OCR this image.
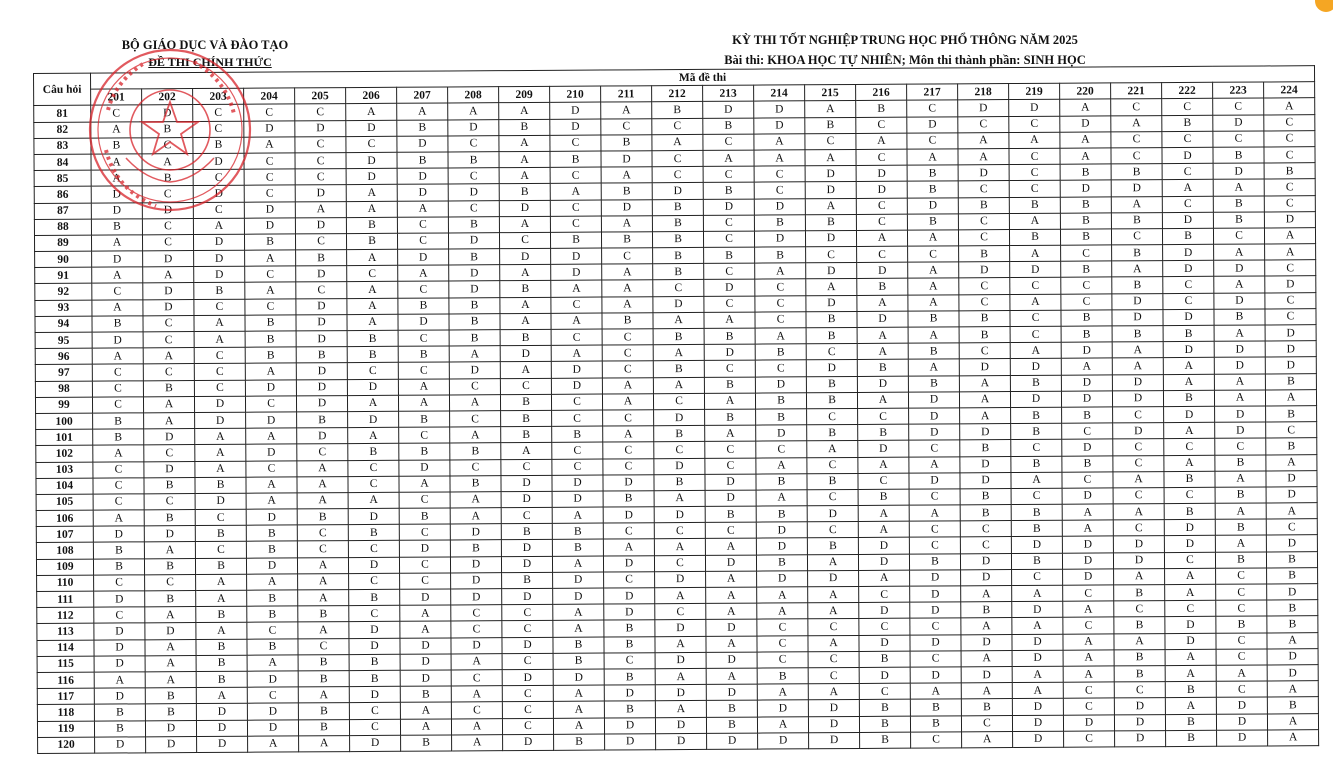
BỘ GIÁO DỤC VÀ ĐÀO TẠO
ĐỀ THI CHÍNH THỨC
KỲ THI TỐT NGHIỆP TRUNG HỌC PHỔ THÔNG NĂM 2025
Bài thi: KHOA HỌC TỰ NHIÊN; Môn thi thành phần: SINH HỌC
Câu hỏi	Mã đề thi																							
	201	202	203	204	205	206	207	208	209	210	211	212	213	214	215	216	217	218	219	220	221	222	223	224
81	C	D	C	C	C	A	A	A	A	D	A	B	D	D	A	B	C	D	D	A	C	C	C	A
82	A	B	C	D	D	D	B	D	B	D	C	C	B	D	B	C	D	C	C	D	A	B	D	C
83	B	C	B	A	C	C	D	C	A	C	B	A	C	A	C	A	C	A	A	A	C	C	C	C
84	A	A	D	C	C	D	B	B	A	B	D	C	A	A	A	C	A	A	C	A	C	D	B	C
85	A	B	C	C	C	D	D	C	A	C	A	C	C	C	D	D	B	D	C	B	B	C	D	B
86	D	C	D	C	D	A	D	D	B	A	B	D	B	C	D	D	B	C	C	D	D	A	A	C
87	D	D	C	D	A	A	A	C	D	C	D	B	D	D	A	C	D	B	B	B	A	C	B	C
88	B	C	A	D	D	B	C	B	A	C	A	B	C	B	B	C	B	C	A	B	B	D	B	D
89	A	C	D	B	C	B	C	D	C	B	B	B	C	D	D	A	A	C	B	B	C	B	C	A
90	D	D	D	A	B	A	D	B	D	D	C	B	B	B	C	C	C	B	A	C	B	D	A	A
91	A	A	D	C	D	C	A	D	A	D	A	B	C	A	D	D	A	D	D	B	A	D	D	C
92	C	D	B	A	C	A	C	D	B	A	A	C	D	C	A	B	A	C	C	C	B	C	A	D
93	A	D	C	C	D	A	B	B	A	C	A	D	C	C	D	A	A	C	A	C	D	C	D	C
94	B	C	A	B	D	A	D	B	A	A	B	A	A	C	B	D	B	B	C	B	D	D	B	C
95	D	C	A	B	D	B	C	B	B	C	C	B	B	A	B	A	A	B	C	B	B	B	A	D
96	A	A	C	B	B	B	B	A	D	A	C	A	D	B	C	A	B	C	A	D	A	D	D	D
97	C	C	C	A	D	C	C	D	A	D	C	B	C	C	D	B	A	D	D	A	A	A	D	D
98	C	B	C	D	D	D	A	C	C	D	A	A	B	D	B	D	B	A	B	D	D	A	A	B
99	C	A	D	C	D	A	A	A	B	C	A	C	A	B	B	A	D	A	D	D	D	B	A	A
100	B	A	D	D	B	D	B	C	B	C	C	D	B	B	C	C	D	A	B	B	C	D	D	B
101	B	D	A	A	D	A	C	A	B	B	A	B	A	D	B	B	D	D	B	C	D	A	D	C
102	A	C	A	D	C	B	B	B	A	C	C	C	C	C	A	D	C	B	C	D	C	C	C	B
103	C	D	A	C	A	C	D	C	C	C	C	D	C	A	C	A	A	D	B	B	C	A	B	A
104	C	B	B	A	A	C	A	B	D	D	D	B	D	B	B	C	D	D	A	C	A	B	A	D
105	C	C	D	A	A	A	C	A	D	D	B	A	D	A	C	B	C	B	C	D	C	C	B	D
106	A	B	C	D	B	D	B	A	C	A	D	D	B	B	D	A	A	B	B	A	A	B	A	A
107	D	D	B	B	C	B	C	D	B	B	C	C	C	D	C	A	C	C	B	A	C	D	B	C
108	B	A	C	B	C	C	D	B	D	B	A	A	A	D	B	D	C	C	D	D	D	D	A	D
109	B	B	B	D	A	D	C	D	D	A	D	C	D	B	A	D	B	D	B	D	D	C	B	B
110	C	C	A	A	A	C	C	D	B	D	C	D	A	D	D	A	D	D	C	D	A	A	C	B
111	D	B	A	B	A	B	D	D	D	D	D	A	A	A	A	C	D	A	A	C	B	A	C	D
112	C	A	B	B	B	C	A	C	C	A	D	C	A	A	A	D	D	B	D	A	C	C	C	B
113	D	D	A	C	A	D	A	C	C	A	B	D	D	C	C	C	C	A	A	C	B	D	B	B
114	D	A	B	B	C	D	D	D	D	B	B	A	A	C	A	D	D	D	D	A	A	D	C	A
115	D	A	B	A	B	B	D	A	C	B	C	D	D	C	C	B	C	A	D	A	B	A	C	D
116	A	A	B	D	B	B	D	C	D	D	B	A	A	B	C	D	D	D	A	A	B	A	A	D
117	D	B	A	C	A	D	B	A	C	A	D	D	D	A	A	C	A	A	A	C	C	B	C	A
118	B	B	D	D	B	C	A	C	C	A	B	A	B	D	D	B	B	B	D	C	D	A	D	B
119	B	D	D	D	B	C	A	A	C	A	D	D	B	A	D	B	B	C	D	D	D	B	D	A
120	D	D	D	A	A	D	B	A	D	B	D	D	D	D	D	B	C	A	D	C	D	B	D	A
